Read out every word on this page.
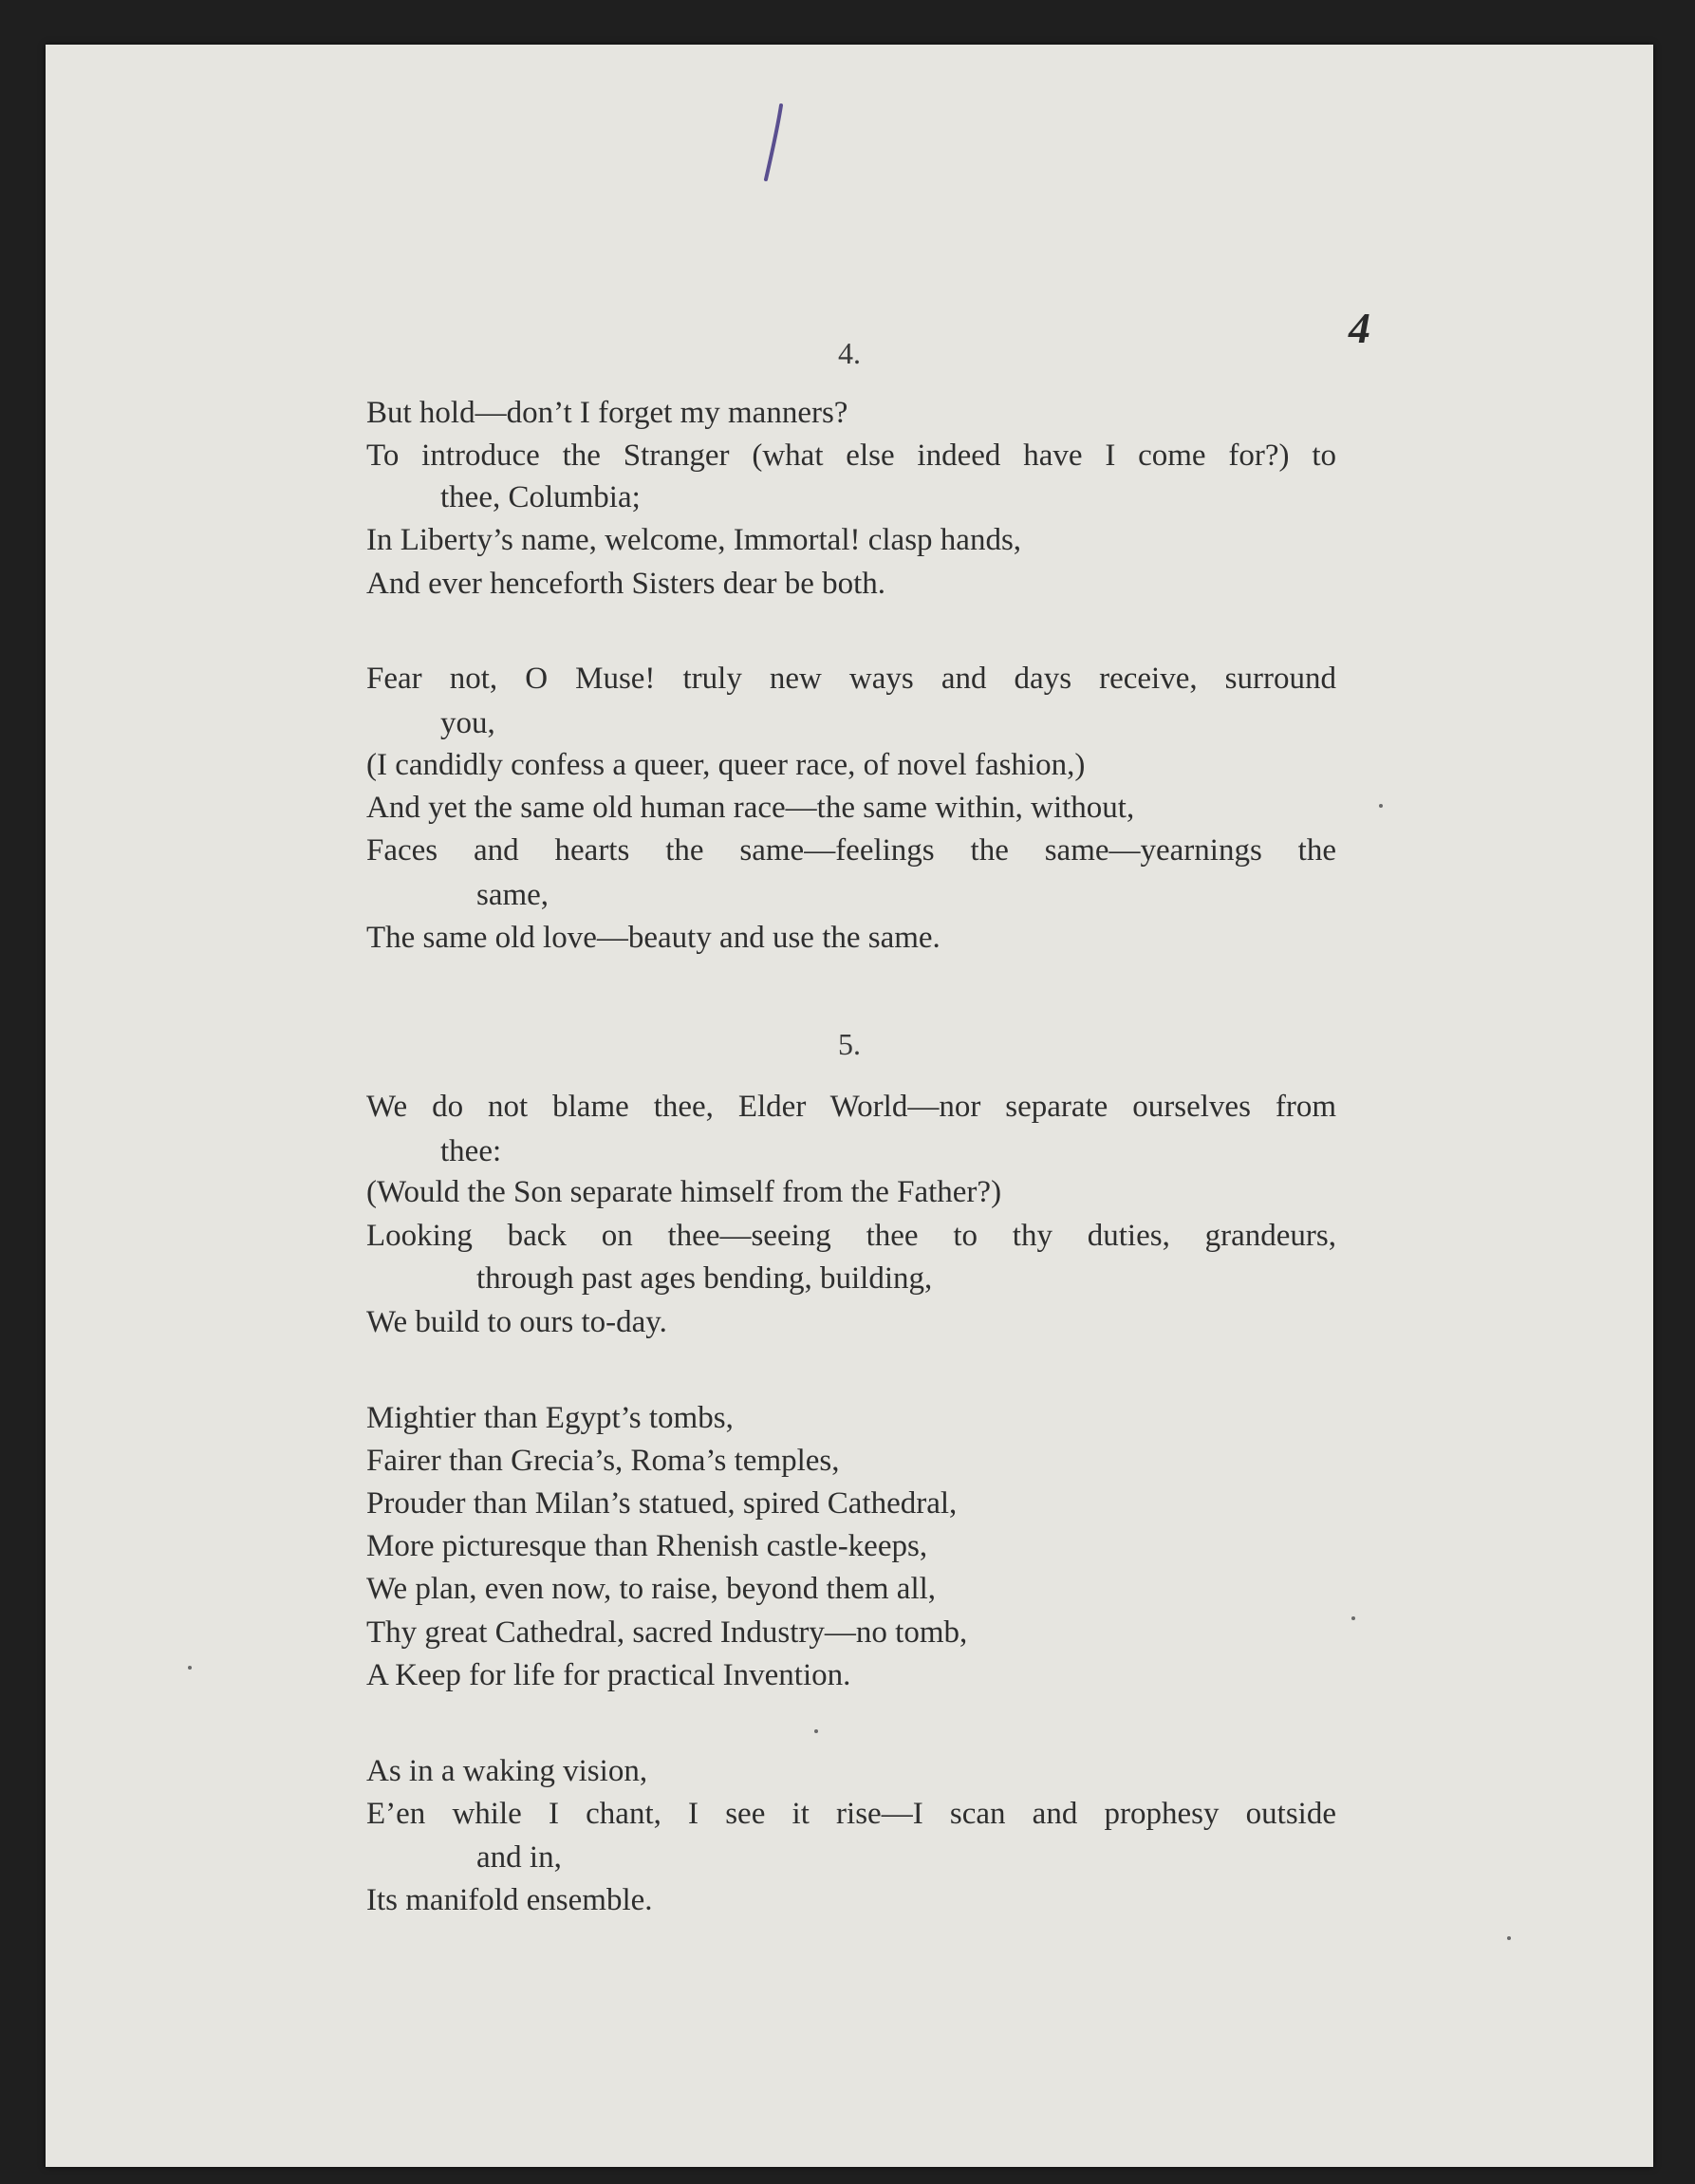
4
4.
But hold—don’t I forget my manners?
To introduce the Stranger (what else indeed have I come for?) to
thee, Columbia;
In Liberty’s name, welcome, Immortal! clasp hands,
And ever henceforth Sisters dear be both.
Fear not, O Muse! truly new ways and days receive, surround
you,
(I candidly confess a queer, queer race, of novel fashion,)
And yet the same old human race—the same within, without,
Faces and hearts the same—feelings the same—yearnings the
same,
The same old love—beauty and use the same.
5.
We do not blame thee, Elder World—nor separate ourselves from
thee:
(Would the Son separate himself from the Father?)
Looking back on thee—seeing thee to thy duties, grandeurs,
through past ages bending, building,
We build to ours to-day.
Mightier than Egypt’s tombs,
Fairer than Grecia’s, Roma’s temples,
Prouder than Milan’s statued, spired Cathedral,
More picturesque than Rhenish castle-keeps,
We plan, even now, to raise, beyond them all,
Thy great Cathedral, sacred Industry—no tomb,
A Keep for life for practical Invention.
As in a waking vision,
E’en while I chant, I see it rise—I scan and prophesy outside
and in,
Its manifold ensemble.
